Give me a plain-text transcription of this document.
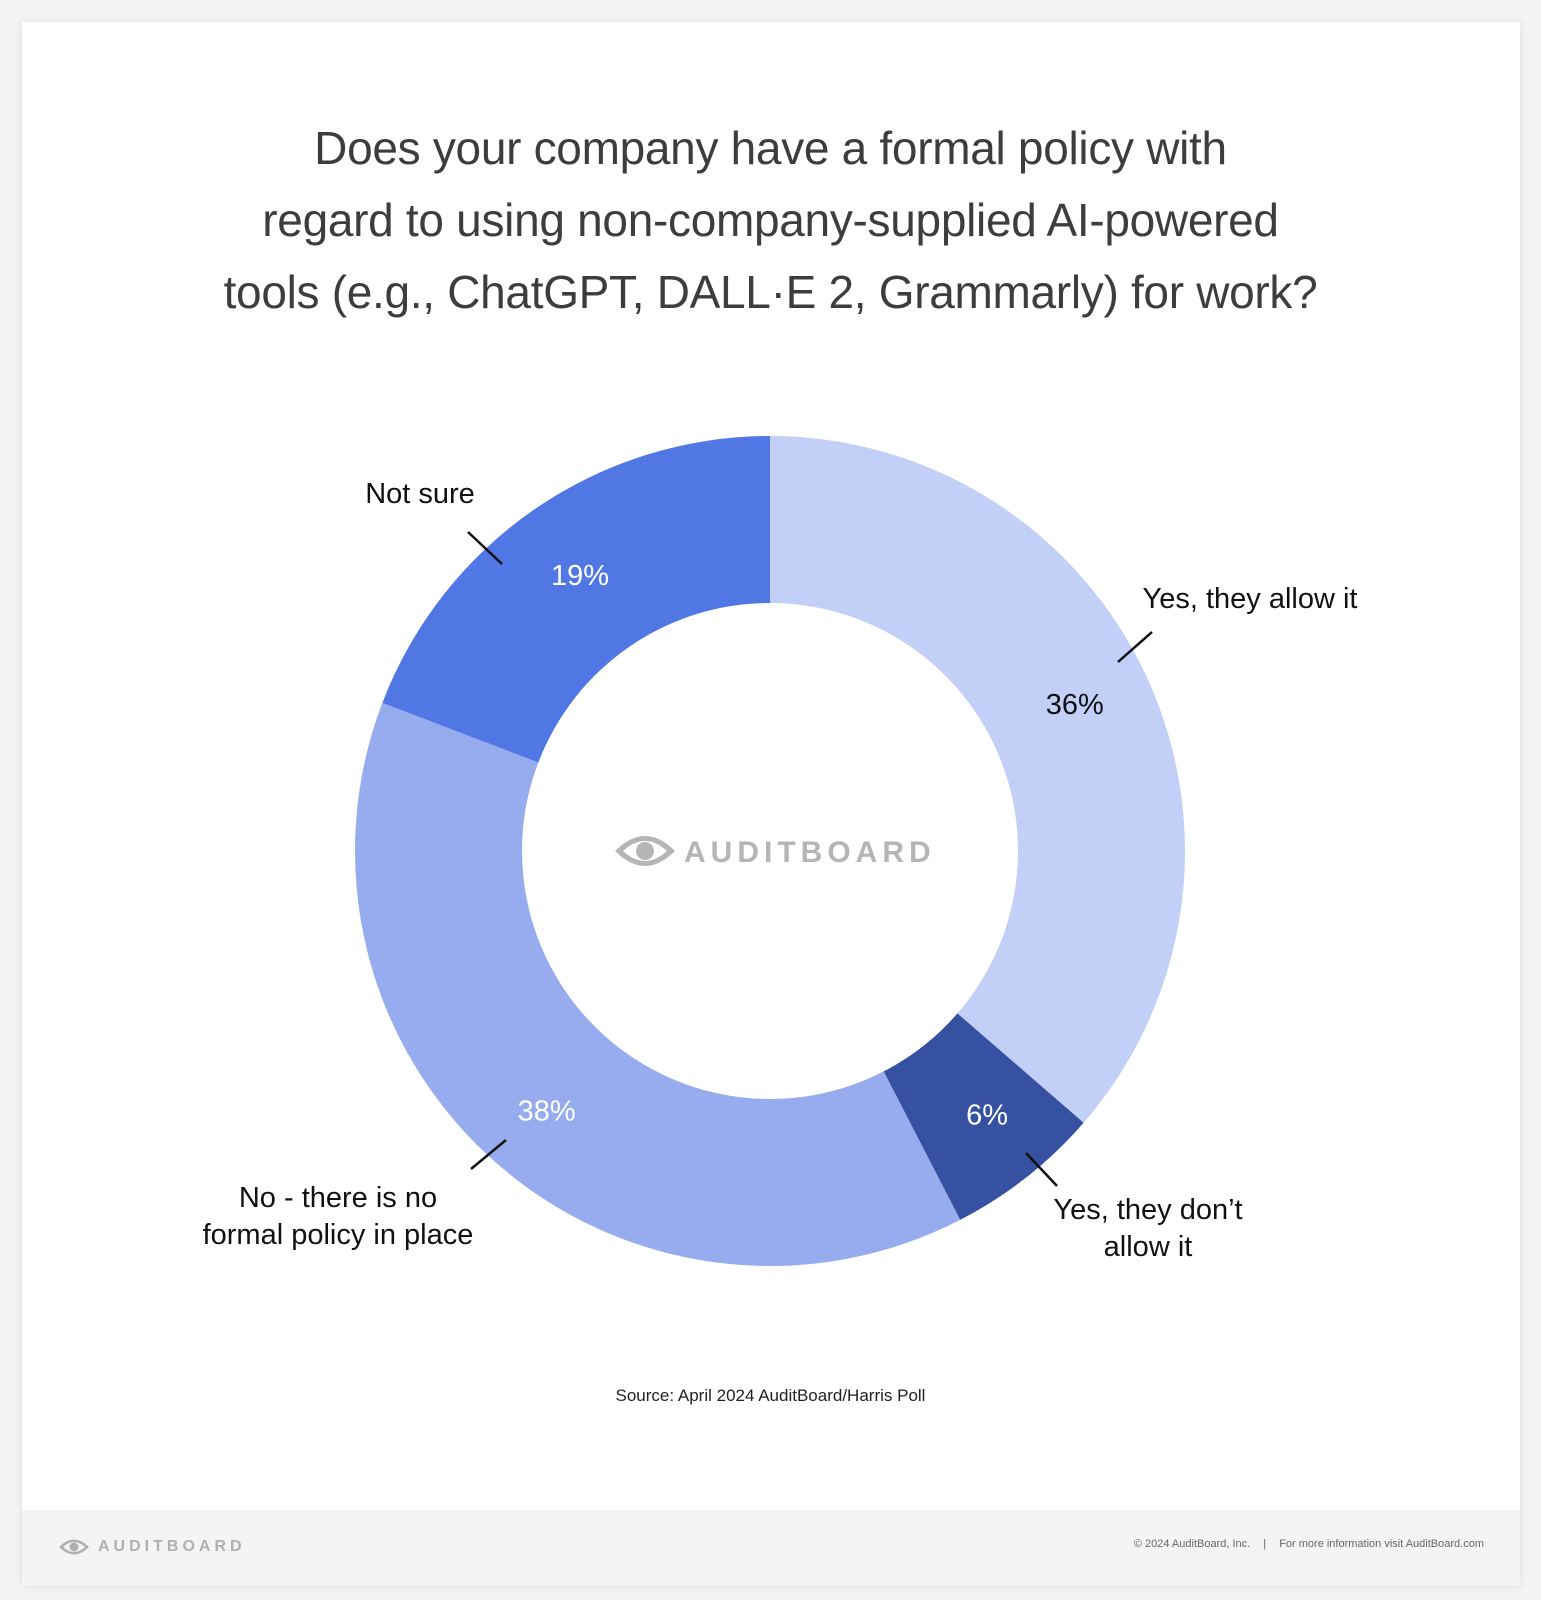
Does your company have a formal policy with
regard to using non-company-supplied AI-powered
tools (e.g., ChatGPT, DALL·E 2, Grammarly) for work?
36%
Yes, they allow it
6%
Yes, they don’t allow it
38%
No - there is no formal policy in place
19%
Not sure
AUDITBOARD
Source: April 2024 AuditBoard/Harris Poll
AUDITBOARD	© 2024 AuditBoard, Inc. | For more information visit AuditBoard.com
